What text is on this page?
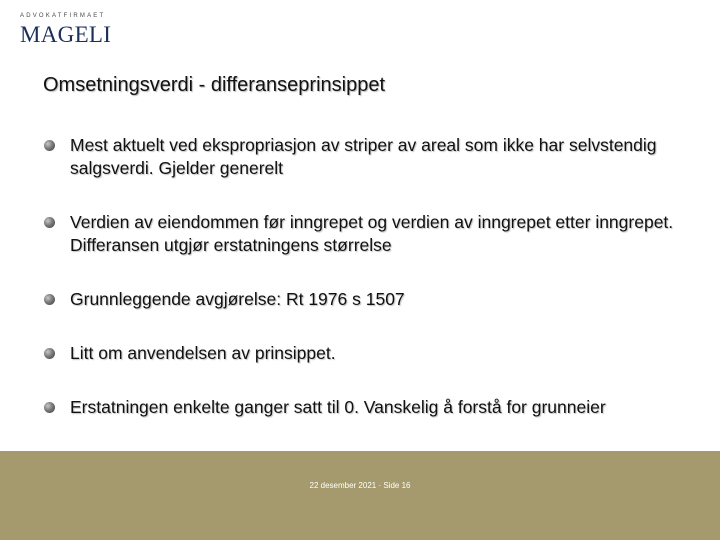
ADVOKATFIRMAET
MAGELI
Omsetningsverdi - differanseprinsippet
Mest aktuelt ved ekspropriasjon av striper av areal som ikke har selvstendig salgsverdi. Gjelder generelt
Verdien av eiendommen før inngrepet og verdien av inngrepet etter inngrepet. Differansen utgjør erstatningens størrelse
Grunnleggende avgjørelse: Rt 1976 s 1507
Litt om anvendelsen av prinsippet.
Erstatningen enkelte ganger satt til 0. Vanskelig å forstå for grunneier
22 desember 2021 · Side 16
